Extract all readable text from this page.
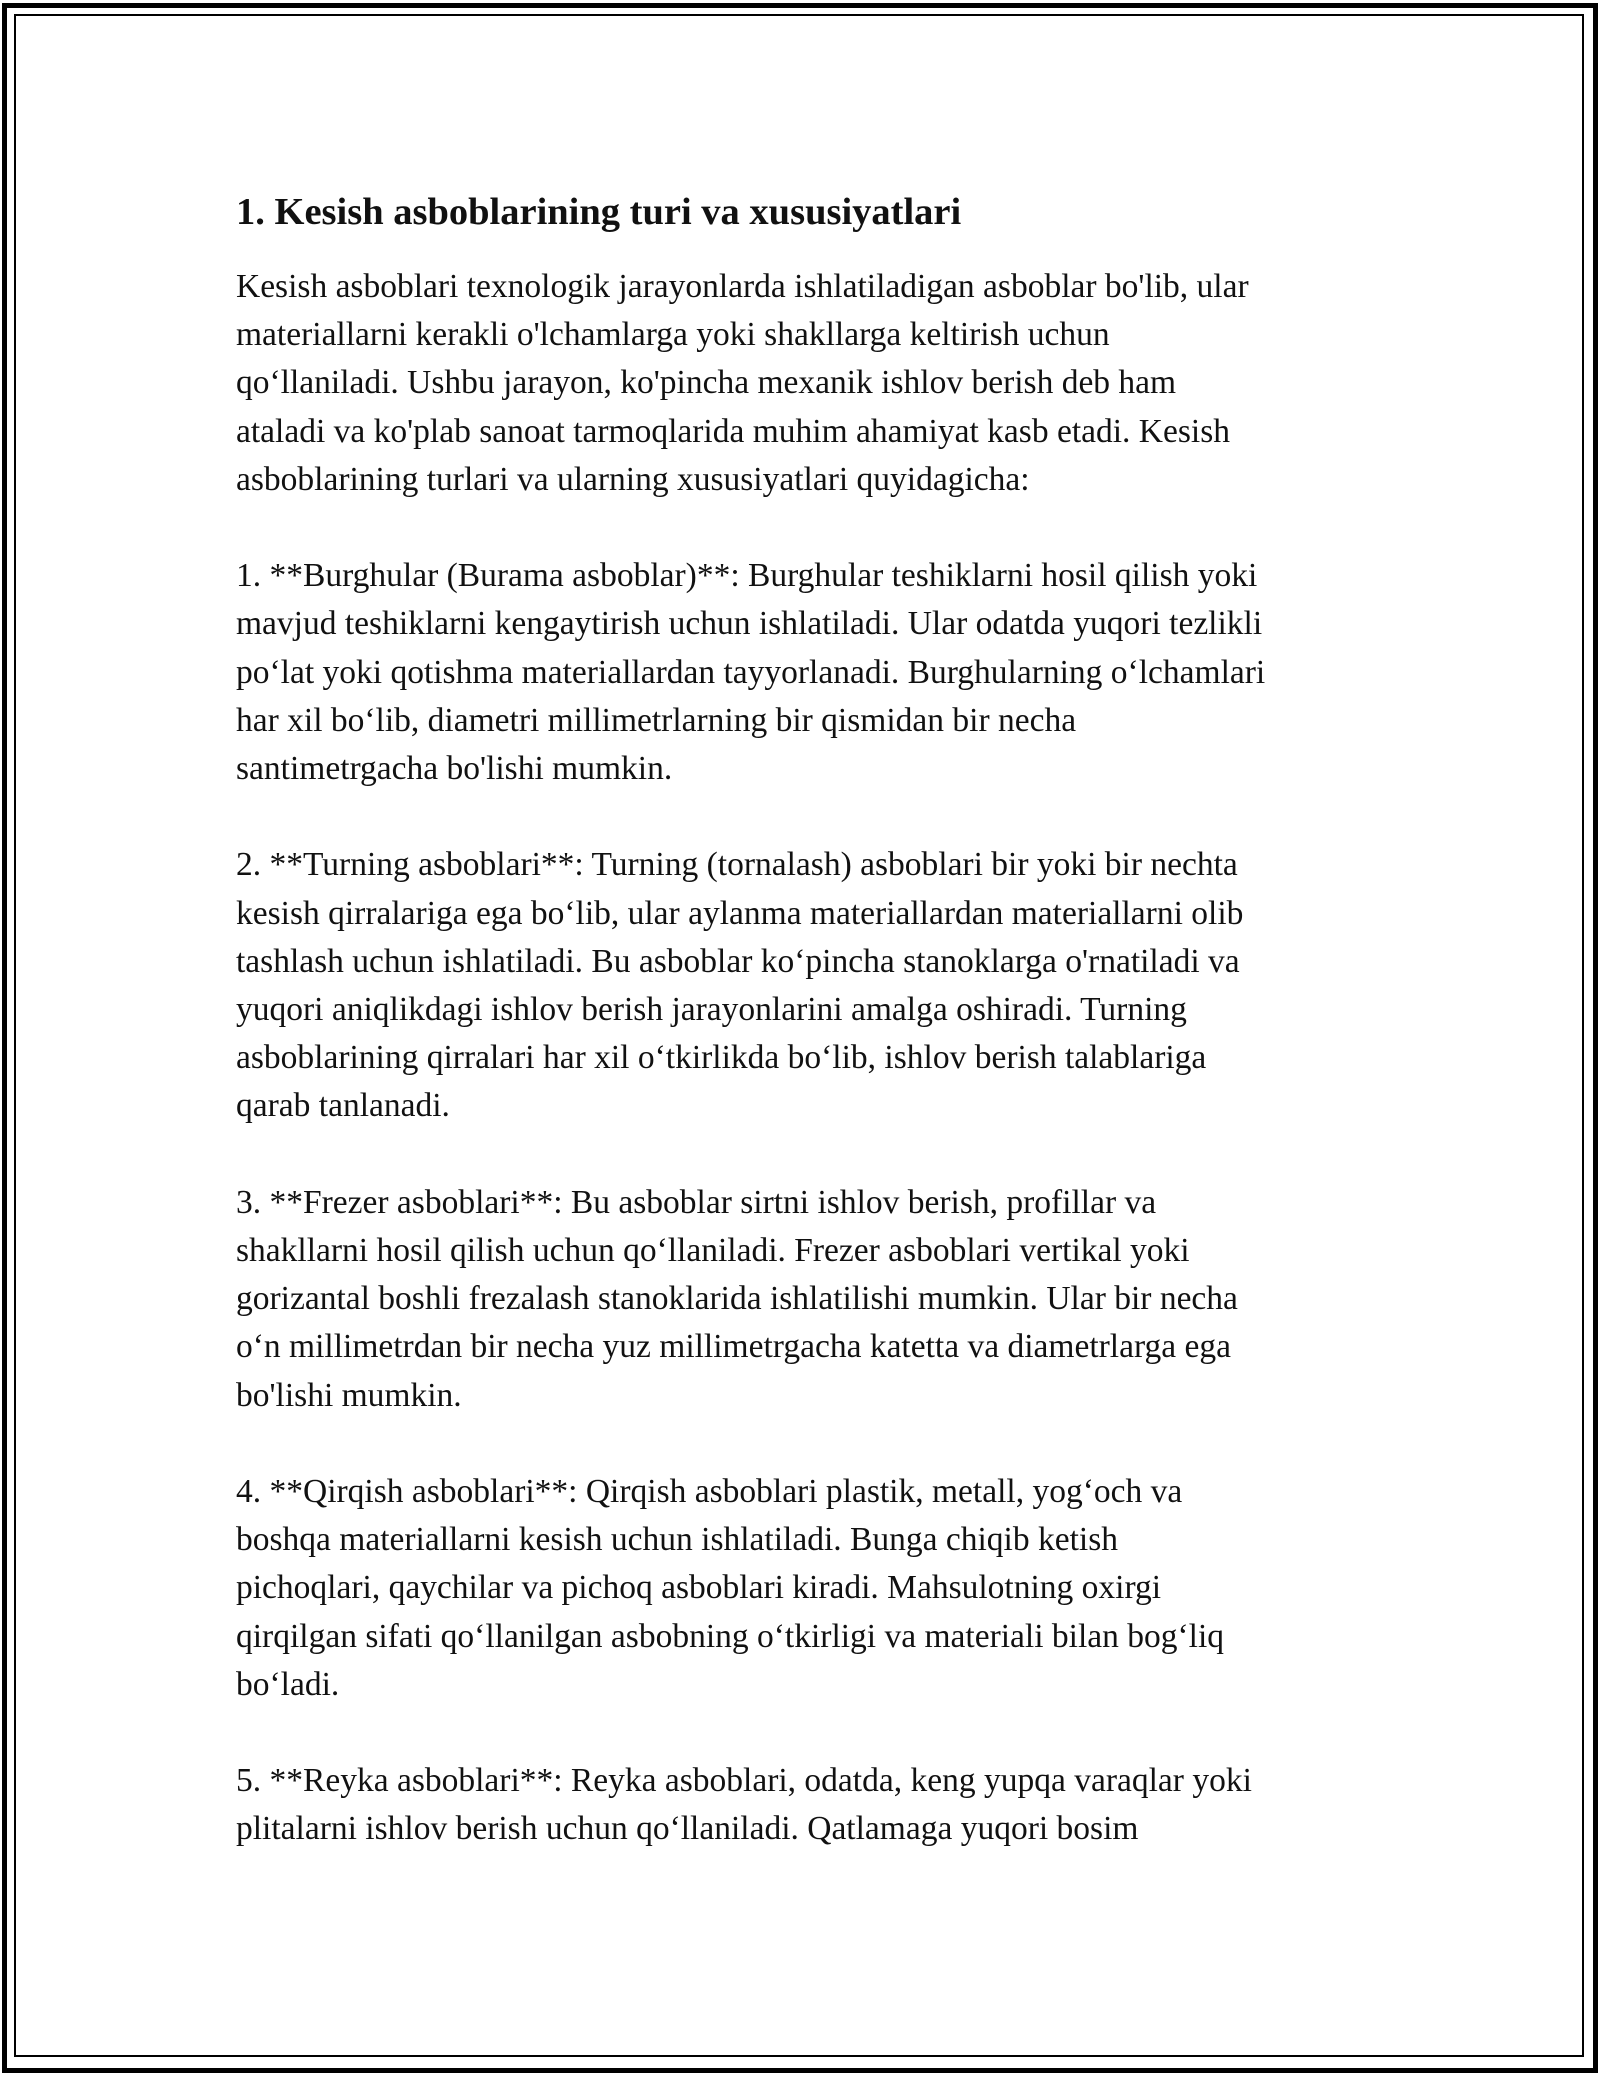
1. Kesish asboblarining turi va xususiyatlari

Kesish asboblari texnologik jarayonlarda ishlatiladigan asboblar bo'lib, ular
materiallarni kerakli o'lchamlarga yoki shakllarga keltirish uchun
qo‘llaniladi. Ushbu jarayon, ko'pincha mexanik ishlov berish deb ham
ataladi va ko'plab sanoat tarmoqlarida muhim ahamiyat kasb etadi. Kesish
asboblarining turlari va ularning xususiyatlari quyidagicha:

1. **Burghular (Burama asboblar)**: Burghular teshiklarni hosil qilish yoki
mavjud teshiklarni kengaytirish uchun ishlatiladi. Ular odatda yuqori tezlikli
po‘lat yoki qotishma materiallardan tayyorlanadi. Burghularning o‘lchamlari
har xil bo‘lib, diametri millimetrlarning bir qismidan bir necha
santimetrgacha bo'lishi mumkin.

2. **Turning asboblari**: Turning (tornalash) asboblari bir yoki bir nechta
kesish qirralariga ega bo‘lib, ular aylanma materiallardan materiallarni olib
tashlash uchun ishlatiladi. Bu asboblar ko‘pincha stanoklarga o'rnatiladi va
yuqori aniqlikdagi ishlov berish jarayonlarini amalga oshiradi. Turning
asboblarining qirralari har xil o‘tkirlikda bo‘lib, ishlov berish talablariga
qarab tanlanadi.

3. **Frezer asboblari**: Bu asboblar sirtni ishlov berish, profillar va
shakllarni hosil qilish uchun qo‘llaniladi. Frezer asboblari vertikal yoki
gorizantal boshli frezalash stanoklarida ishlatilishi mumkin. Ular bir necha
o‘n millimetrdan bir necha yuz millimetrgacha katetta va diametrlarga ega
bo'lishi mumkin.

4. **Qirqish asboblari**: Qirqish asboblari plastik, metall, yog‘och va
boshqa materiallarni kesish uchun ishlatiladi. Bunga chiqib ketish
pichoqlari, qaychilar va pichoq asboblari kiradi. Mahsulotning oxirgi
qirqilgan sifati qo‘llanilgan asbobning o‘tkirligi va materiali bilan bog‘liq
bo‘ladi.

5. **Reyka asboblari**: Reyka asboblari, odatda, keng yupqa varaqlar yoki
plitalarni ishlov berish uchun qo‘llaniladi. Qatlamaga yuqori bosim
